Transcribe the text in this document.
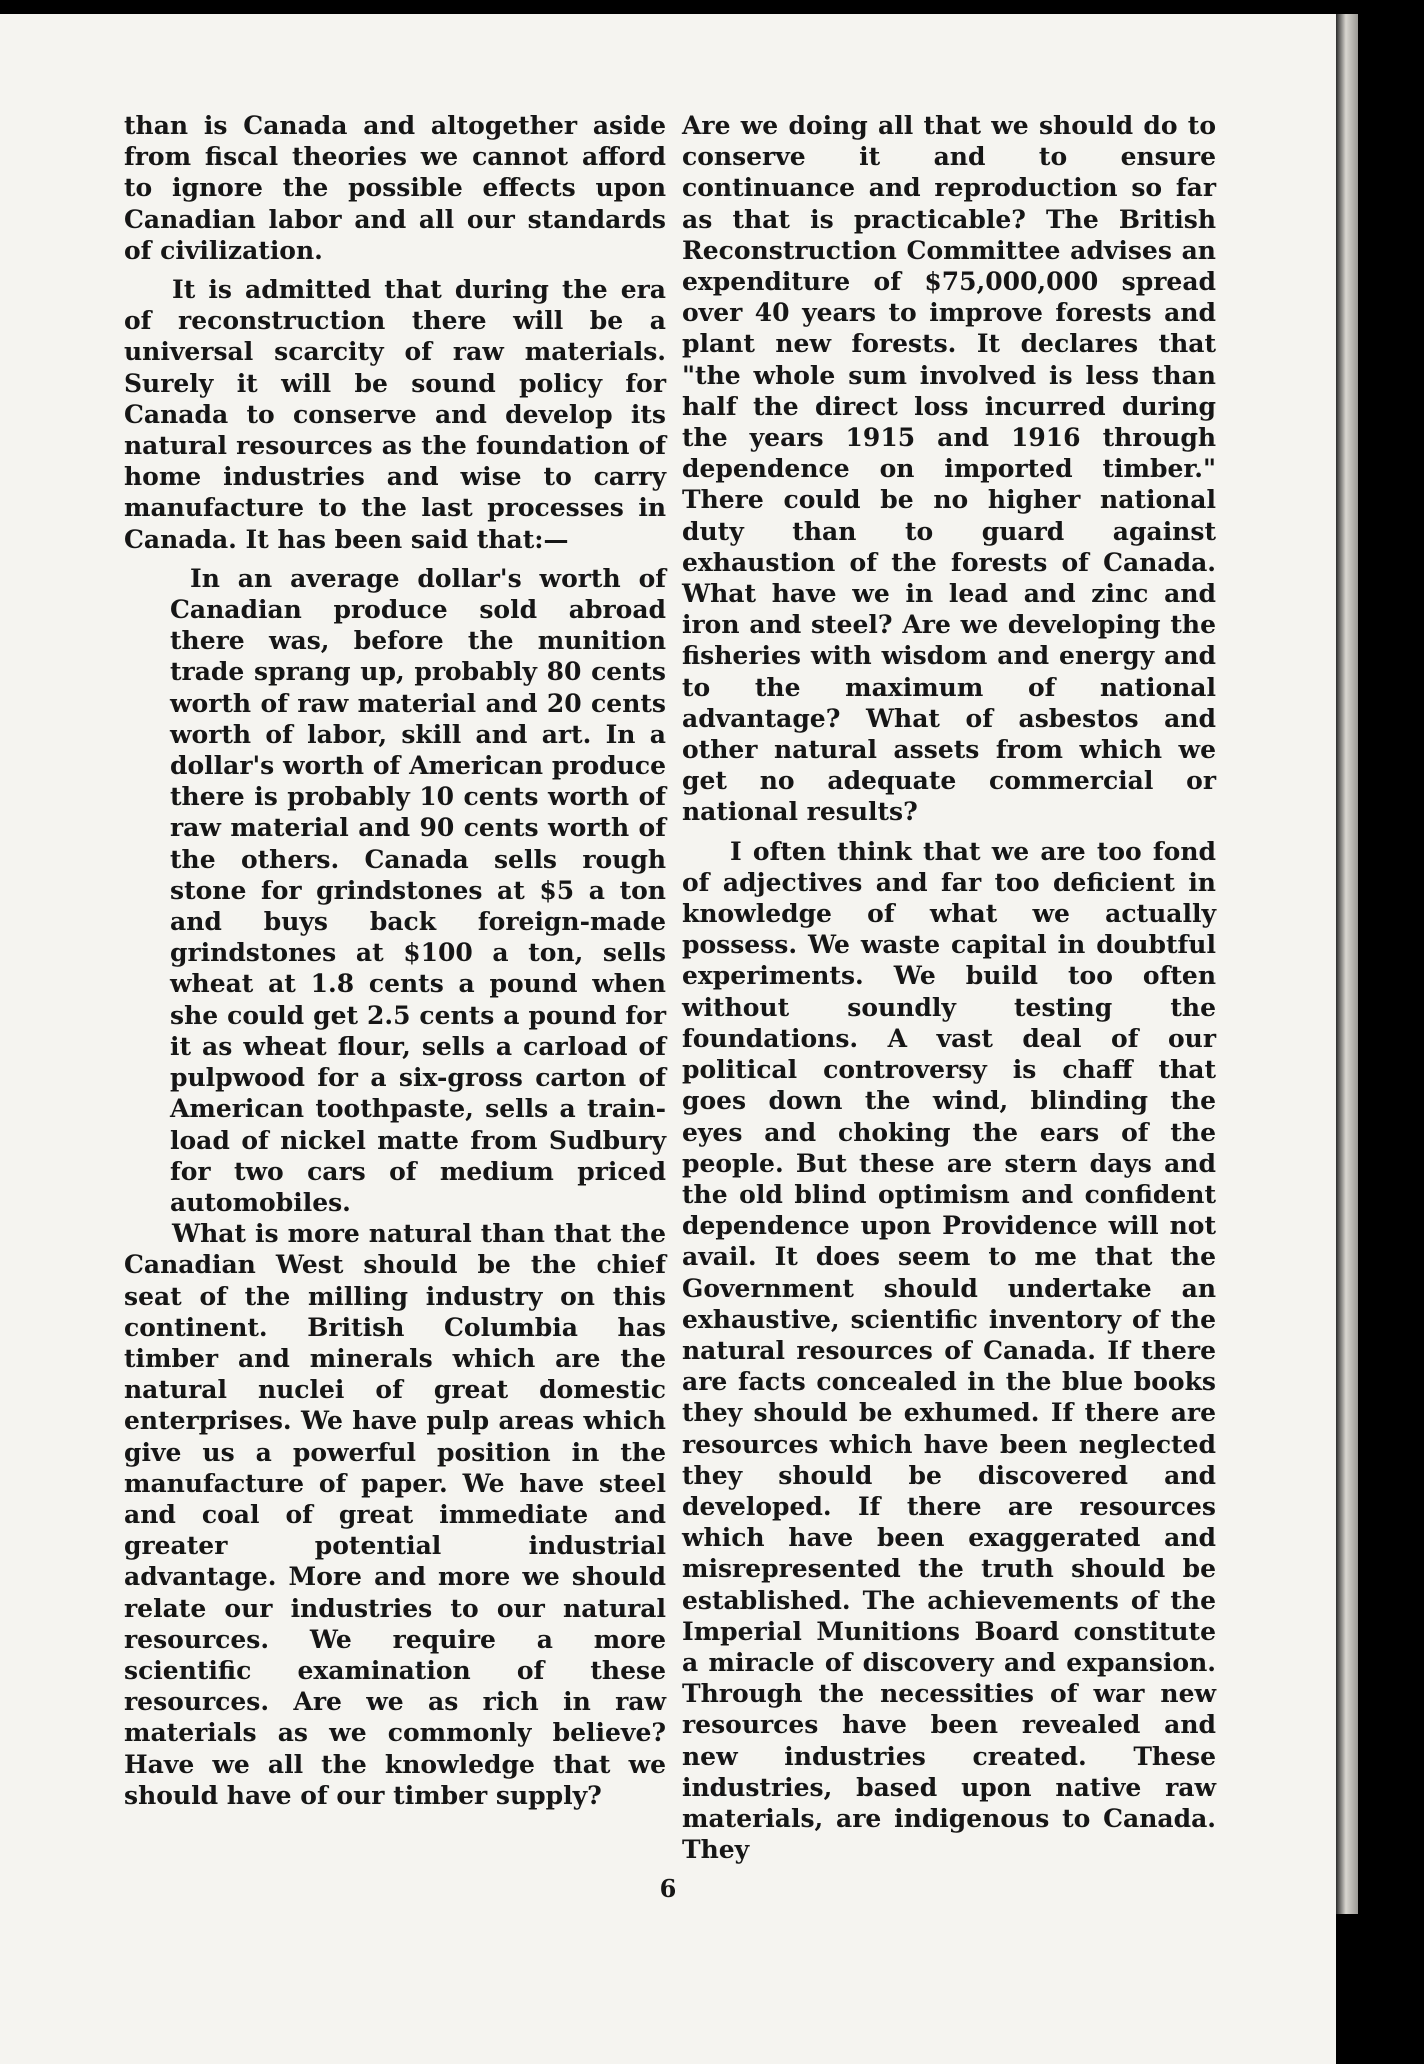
than is Canada and altogether aside from fiscal theories we cannot afford to ignore the possible effects upon Canadian labor and all our standards of civilization.

It is admitted that during the era of reconstruction there will be a universal scarcity of raw materials. Surely it will be sound policy for Canada to conserve and develop its natural resources as the foundation of home industries and wise to carry manufacture to the last processes in Canada. It has been said that:—

In an average dollar's worth of Canadian produce sold abroad there was, before the munition trade sprang up, probably 80 cents worth of raw material and 20 cents worth of labor, skill and art. In a dollar's worth of American produce there is probably 10 cents worth of raw material and 90 cents worth of the others. Canada sells rough stone for grindstones at $5 a ton and buys back foreign-made grindstones at $100 a ton, sells wheat at 1.8 cents a pound when she could get 2.5 cents a pound for it as wheat flour, sells a carload of pulpwood for a six-gross carton of American toothpaste, sells a train-load of nickel matte from Sudbury for two cars of medium priced automobiles.

What is more natural than that the Canadian West should be the chief seat of the milling industry on this continent. British Columbia has timber and minerals which are the natural nuclei of great domestic enterprises. We have pulp areas which give us a powerful position in the manufacture of paper. We have steel and coal of great immediate and greater potential industrial advantage. More and more we should relate our industries to our natural resources. We require a more scientific examination of these resources. Are we as rich in raw materials as we commonly believe? Have we all the knowledge that we should have of our timber supply?

Are we doing all that we should do to conserve it and to ensure continuance and reproduction so far as that is practicable? The British Reconstruction Committee advises an expenditure of $75,000,000 spread over 40 years to improve forests and plant new forests. It declares that "the whole sum involved is less than half the direct loss incurred during the years 1915 and 1916 through dependence on imported timber." There could be no higher national duty than to guard against exhaustion of the forests of Canada. What have we in lead and zinc and iron and steel? Are we developing the fisheries with wisdom and energy and to the maximum of national advantage? What of asbestos and other natural assets from which we get no adequate commercial or national results?

I often think that we are too fond of adjectives and far too deficient in knowledge of what we actually possess. We waste capital in doubtful experiments. We build too often without soundly testing the foundations. A vast deal of our political controversy is chaff that goes down the wind, blinding the eyes and choking the ears of the people. But these are stern days and the old blind optimism and confident dependence upon Providence will not avail. It does seem to me that the Government should undertake an exhaustive, scientific inventory of the natural resources of Canada. If there are facts concealed in the blue books they should be exhumed. If there are resources which have been neglected they should be discovered and developed. If there are resources which have been exaggerated and misrepresented the truth should be established. The achievements of the Imperial Munitions Board constitute a miracle of discovery and expansion. Through the necessities of war new resources have been revealed and new industries created. These industries, based upon native raw materials, are indigenous to Canada. They

6
